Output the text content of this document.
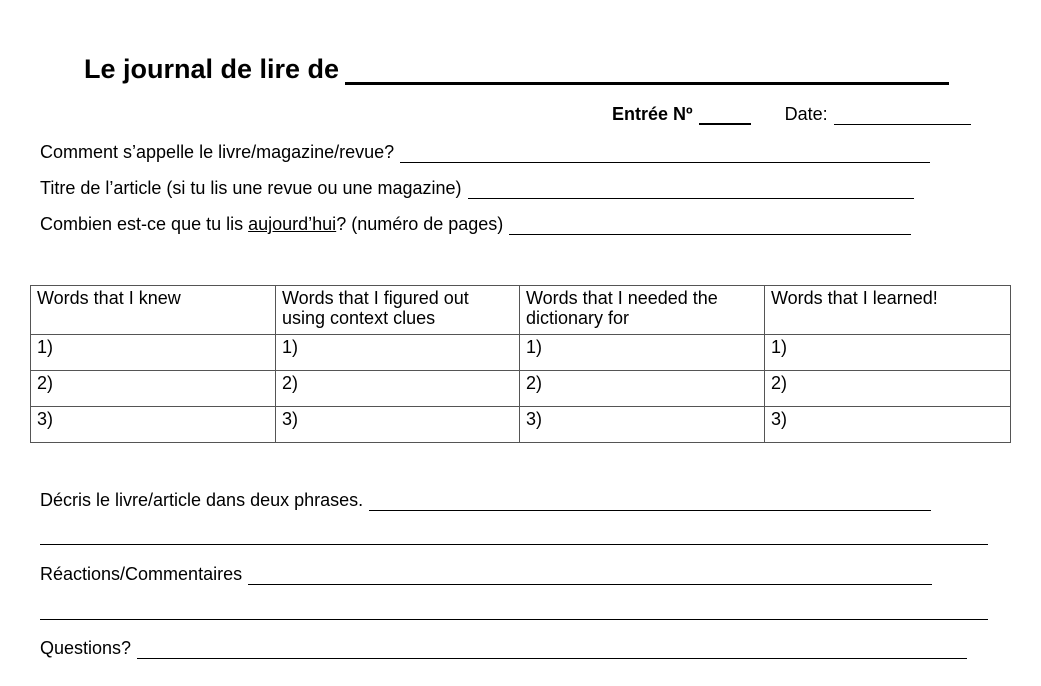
Le journal de lire de
Entrée Nº	Date:
Comment s’appelle le livre/magazine/revue?
Titre de l’article (si tu lis une revue ou une magazine)
Combien est-ce que tu lis aujourd’hui? (numéro de pages)
Words that I knew	Words that I figured out using context clues	Words that I needed the dictionary for	Words that I learned!
1)	1)	1)	1)
2)	2)	2)	2)
3)	3)	3)	3)
Décris le livre/article dans deux phrases.
Réactions/Commentaires
Questions?
